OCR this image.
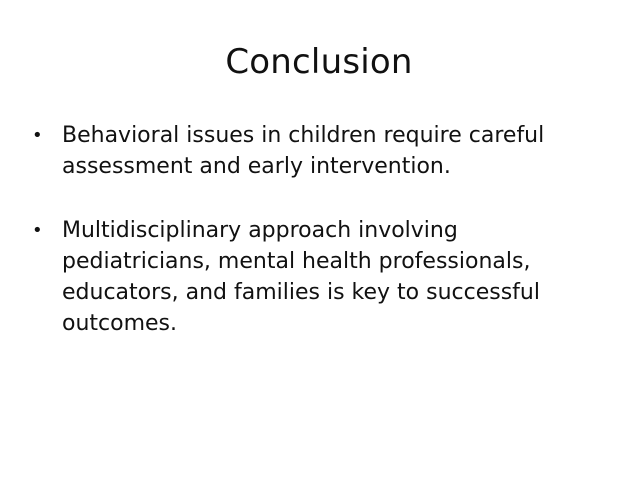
Conclusion
• Behavioral issues in children require careful
assessment and early intervention.
• Multidisciplinary approach involving
pediatricians, mental health professionals,
educators, and families is key to successful
outcomes.
